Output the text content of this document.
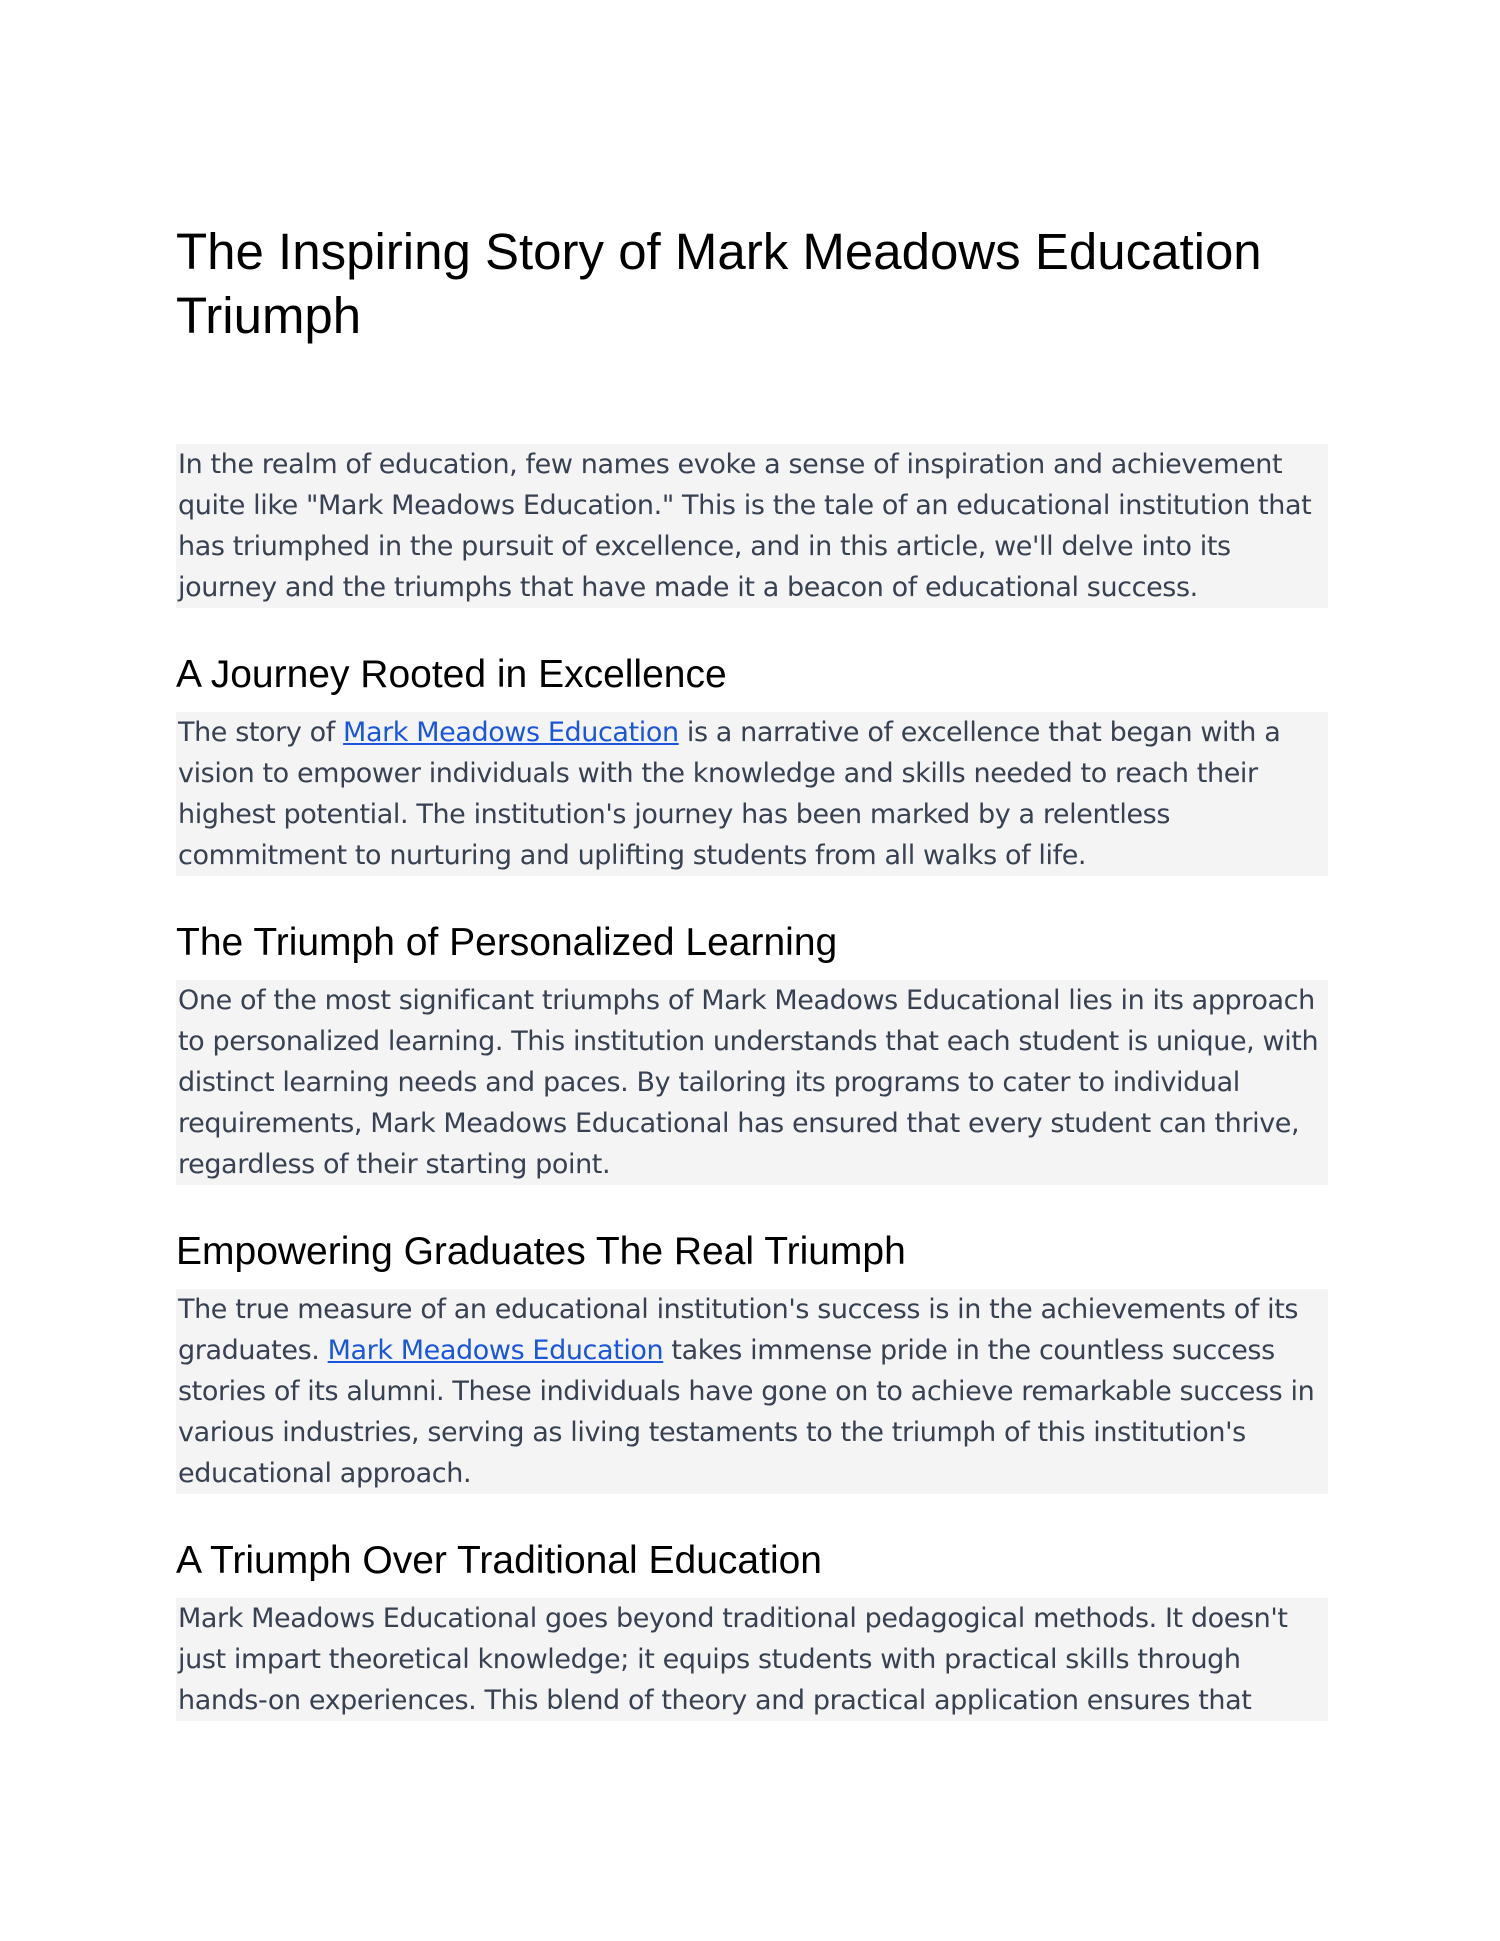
The Inspiring Story of Mark Meadows Education Triumph

In the realm of education, few names evoke a sense of inspiration and achievement quite like "Mark Meadows Education." This is the tale of an educational institution that has triumphed in the pursuit of excellence, and in this article, we'll delve into its journey and the triumphs that have made it a beacon of educational success.

A Journey Rooted in Excellence

The story of Mark Meadows Education is a narrative of excellence that began with a vision to empower individuals with the knowledge and skills needed to reach their highest potential. The institution's journey has been marked by a relentless commitment to nurturing and uplifting students from all walks of life.

The Triumph of Personalized Learning

One of the most significant triumphs of Mark Meadows Educational lies in its approach to personalized learning. This institution understands that each student is unique, with distinct learning needs and paces. By tailoring its programs to cater to individual requirements, Mark Meadows Educational has ensured that every student can thrive, regardless of their starting point.

Empowering Graduates The Real Triumph

The true measure of an educational institution's success is in the achievements of its graduates. Mark Meadows Education takes immense pride in the countless success stories of its alumni. These individuals have gone on to achieve remarkable success in various industries, serving as living testaments to the triumph of this institution's educational approach.

A Triumph Over Traditional Education

Mark Meadows Educational goes beyond traditional pedagogical methods. It doesn't just impart theoretical knowledge; it equips students with practical skills through hands-on experiences. This blend of theory and practical application ensures that
